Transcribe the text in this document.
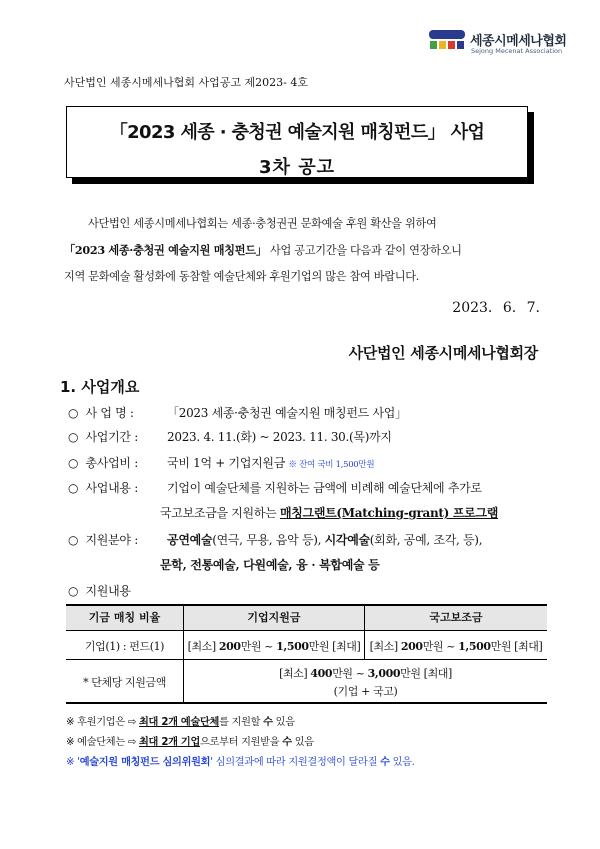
세종시메세나협회
Sejong Mecenat Association
사단법인 세종시메세나협회 사업공고 제2023- 4호
「2023 세종 · 충청권 예술지원 매칭펀드」 사업
3차 공고
사단법인 세종시메세나협회는 세종·충청권권 문화예술 후원 확산을 위하여
「2023 세종·충청권 예술지원 매칭펀드」 사업 공고기간을 다음과 같이 연장하오니
지역 문화예술 활성화에 동참할 예술단체와 후원기업의 많은 참여 바랍니다.
2023. 6. 7.
사단법인 세종시메세나협회장
1. 사업개요
○ 사 업 명 :	「2023 세종·충청권 예술지원 매칭펀드 사업」
○ 사업기간 : 2023. 4. 11.(화) ~ 2023. 11. 30.(목)까지
○ 총사업비 : 국비 1억 + 기업지원금 ※ 잔여 국비 1,500만원
○ 사업내용 : 기업이 예술단체를 지원하는 금액에 비례해 예술단체에 추가로
국고보조금을 지원하는 매칭그랜트(Matching-grant) 프로그램
○ 지원분야 : 공연예술(연극, 무용, 음악 등), 시각예술(회화, 공예, 조각, 등),
문학, 전통예술, 다원예술, 융 · 복합예술 등
○ 지원내용
기금 매칭 비율	기업지원금	국고보조금
기업(1) : 펀드(1)	[최소] 200만원 ~ 1,500만원 [최대] [최소] 200만원 ~ 1,500만원 [최대]
* 단체당 지원금액
[최소] 400만원 ~ 3,000만원 [최대]
(기업 + 국고)
※ 후원기업은 ⇨ 최대 2개 예술단체를 지원할 수 있음
※ 예술단체는 ⇨ 최대 2개 기업으로부터 지원받을 수 있음
※ '예술지원 매칭펀드 심의위원회' 심의결과에 따라 지원결정액이 달라질 수 있음.
